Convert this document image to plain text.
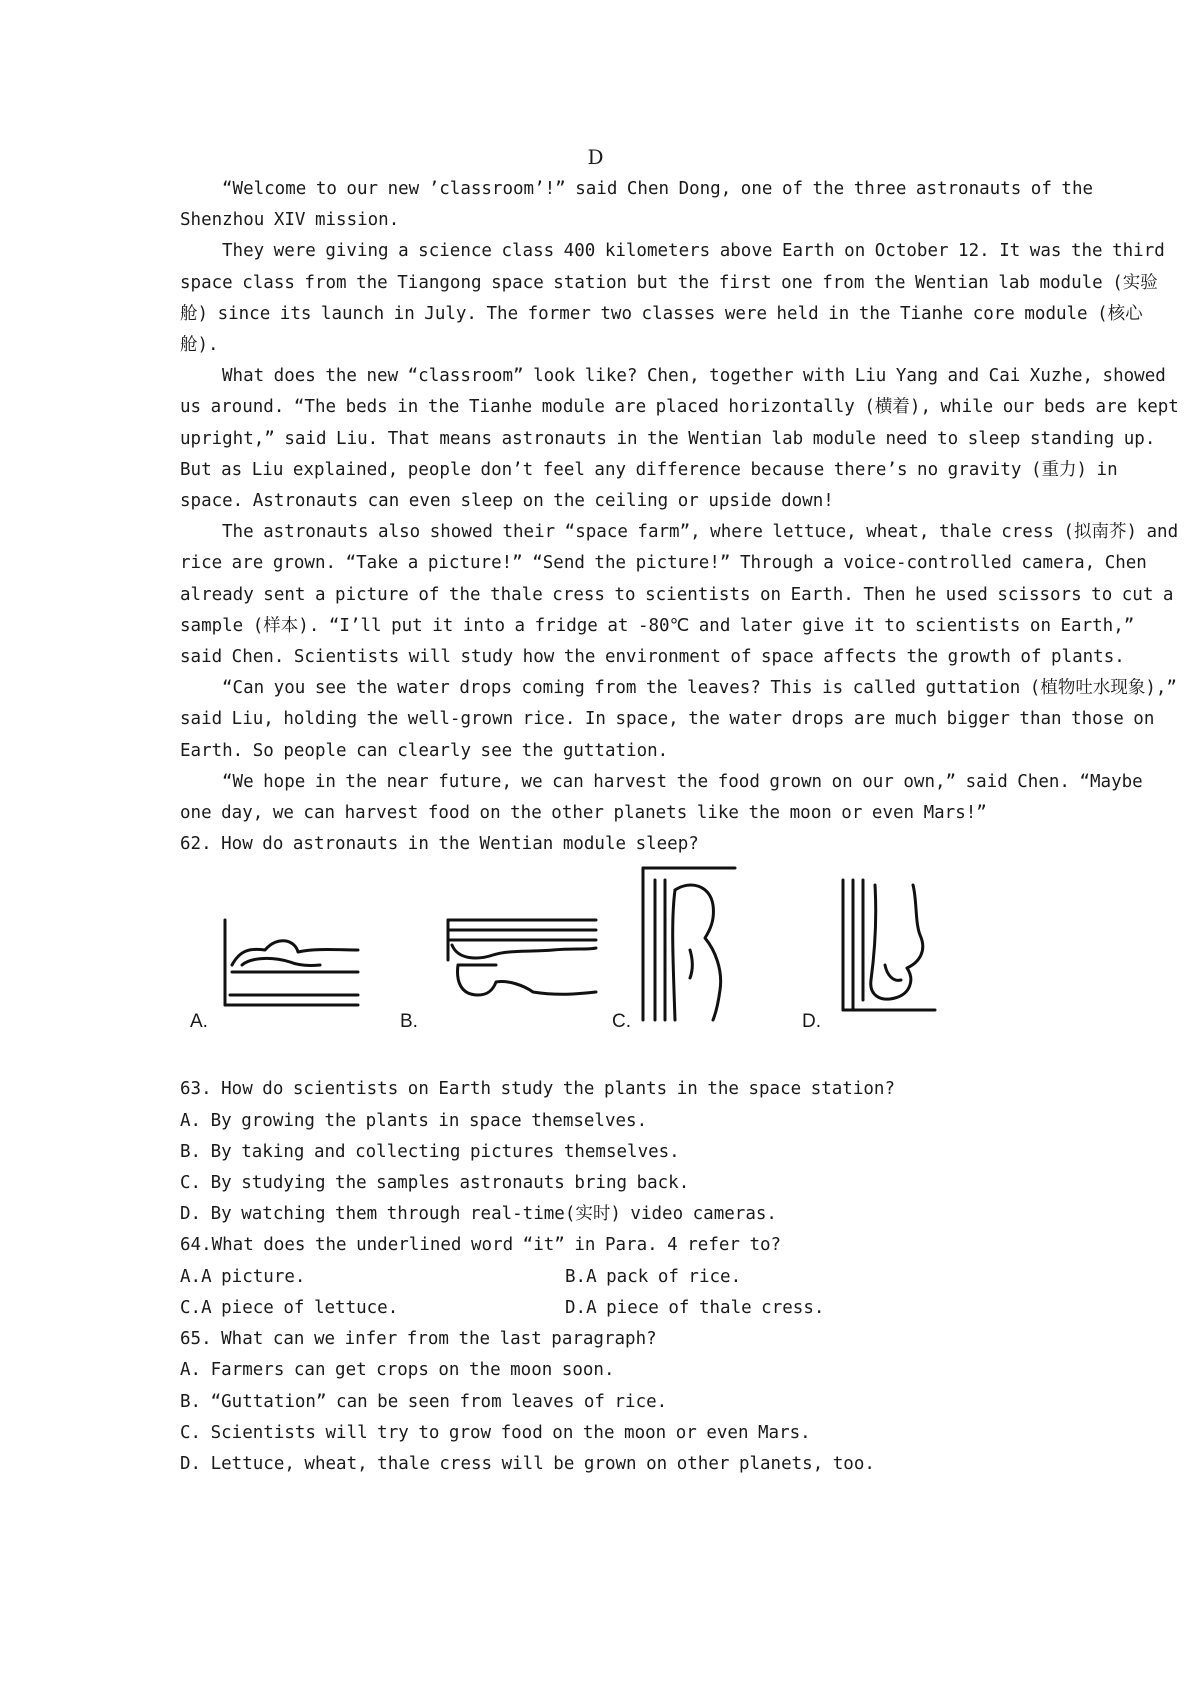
D

“Welcome to our new ’classroom’!” said Chen Dong, one of the three astronauts of the Shenzhou XIV mission.

They were giving a science class 400 kilometers above Earth on October 12. It was the third space class from the Tiangong space station but the first one from the Wentian lab module (实验舱) since its launch in July. The former two classes were held in the Tianhe core module (核心舱).

What does the new “classroom” look like? Chen, together with Liu Yang and Cai Xuzhe, showed us around. “The beds in the Tianhe module are placed horizontally (横着), while our beds are kept upright,” said Liu. That means astronauts in the Wentian lab module need to sleep standing up. But as Liu explained, people don’t feel any difference because there’s no gravity (重力) in space. Astronauts can even sleep on the ceiling or upside down!

The astronauts also showed their “space farm”, where lettuce, wheat, thale cress (拟南芥) and rice are grown. “Take a picture!” “Send the picture!” Through a voice-controlled camera, Chen already sent a picture of the thale cress to scientists on Earth. Then he used scissors to cut a sample (样本). “I’ll put it into a fridge at -80℃ and later give it to scientists on Earth,” said Chen. Scientists will study how the environment of space affects the growth of plants.

“Can you see the water drops coming from the leaves? This is called guttation (植物吐水现象),” said Liu, holding the well-grown rice. In space, the water drops are much bigger than those on Earth. So people can clearly see the guttation.

“We hope in the near future, we can harvest the food grown on our own,” said Chen. “Maybe one day, we can harvest food on the other planets like the moon or even Mars!”

62. How do astronauts in the Wentian module sleep?

A.	B.	C.	D.

63. How do scientists on Earth study the plants in the space station?

A. By growing the plants in space themselves.

B. By taking and collecting pictures themselves.

C. By studying the samples astronauts bring back.

D. By watching them through real-time(实时) video cameras.

64.What does the underlined word “it” in Para. 4 refer to?

A.A picture.	B.A pack of rice.
C.A piece of lettuce.	D.A piece of thale cress.

65. What can we infer from the last paragraph?

A. Farmers can get crops on the moon soon.

B. “Guttation” can be seen from leaves of rice.

C. Scientists will try to grow food on the moon or even Mars.

D. Lettuce, wheat, thale cress will be grown on other planets, too.
